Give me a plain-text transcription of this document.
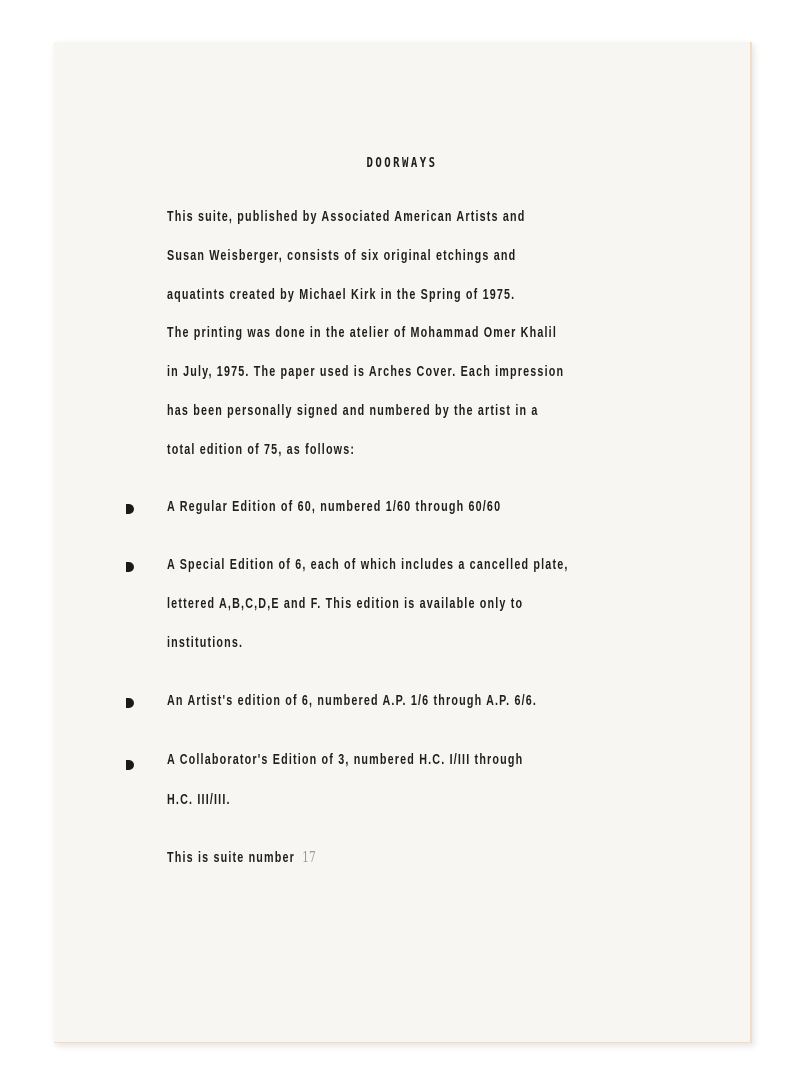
DOORWAYS
This suite, published by Associated American Artists and
Susan Weisberger, consists of six original etchings and
aquatints created by Michael Kirk in the Spring of 1975.
The printing was done in the atelier of Mohammad Omer Khalil
in July, 1975. The paper used is Arches Cover. Each impression
has been personally signed and numbered by the artist in a
total edition of 75, as follows:
A Regular Edition of 60, numbered 1/60 through 60/60
A Special Edition of 6, each of which includes a cancelled plate,
lettered A,B,C,D,E and F. This edition is available only to
institutions.
An Artist's edition of 6, numbered A.P. 1/6 through A.P. 6/6.
A Collaborator's Edition of 3, numbered H.C. I/III through
H.C. III/III.
This is suite number 17
